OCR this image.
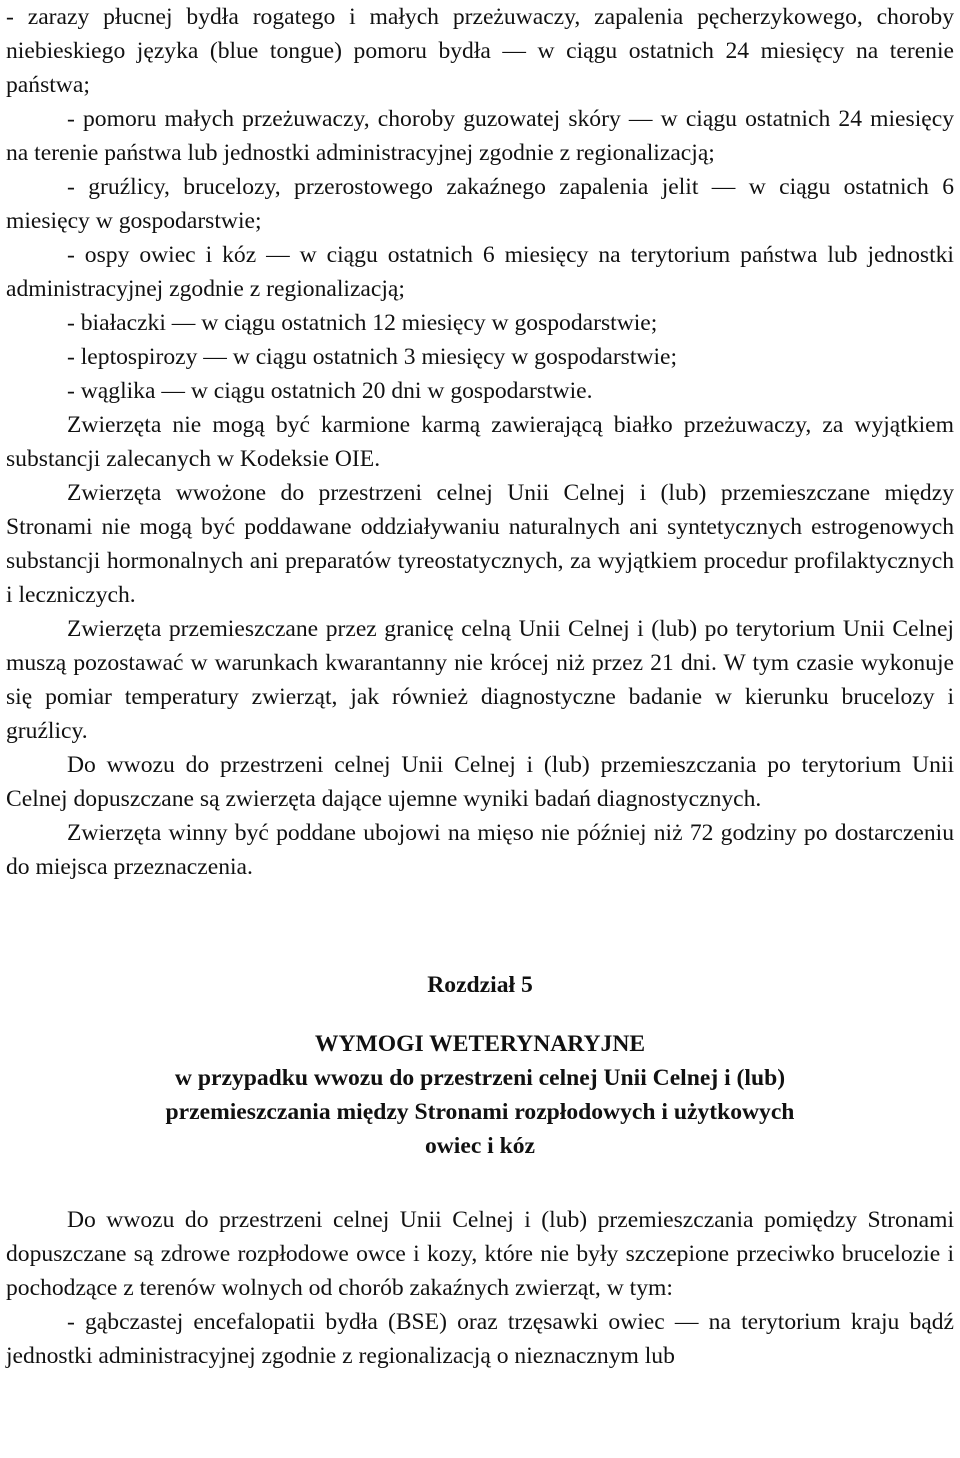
- zarazy płucnej bydła rogatego i małych przeżuwaczy, zapalenia pęcherzykowego, choroby niebieskiego języka (blue tongue) pomoru bydła — w ciągu ostatnich 24 miesięcy na terenie państwa;

- pomoru małych przeżuwaczy, choroby guzowatej skóry — w ciągu ostatnich 24 miesięcy na terenie państwa lub jednostki administracyjnej zgodnie z regionalizacją;

- gruźlicy, brucelozy, przerostowego zakaźnego zapalenia jelit — w ciągu ostatnich 6 miesięcy w gospodarstwie;

- ospy owiec i kóz — w ciągu ostatnich 6 miesięcy na terytorium państwa lub jednostki administracyjnej zgodnie z regionalizacją;

- białaczki — w ciągu ostatnich 12 miesięcy w gospodarstwie;

- leptospirozy — w ciągu ostatnich 3 miesięcy w gospodarstwie;

- wąglika — w ciągu ostatnich 20 dni w gospodarstwie.

Zwierzęta nie mogą być karmione karmą zawierającą białko przeżuwaczy, za wyjątkiem substancji zalecanych w Kodeksie OIE.

Zwierzęta wwożone do przestrzeni celnej Unii Celnej i (lub) przemieszczane między Stronami nie mogą być poddawane oddziaływaniu naturalnych ani syntetycznych estrogenowych substancji hormonalnych ani preparatów tyreostatycznych, za wyjątkiem procedur profilaktycznych i leczniczych.

Zwierzęta przemieszczane przez granicę celną Unii Celnej i (lub) po terytorium Unii Celnej muszą pozostawać w warunkach kwarantanny nie krócej niż przez 21 dni. W tym czasie wykonuje się pomiar temperatury zwierząt, jak również diagnostyczne badanie w kierunku brucelozy i gruźlicy.

Do wwozu do przestrzeni celnej Unii Celnej i (lub) przemieszczania po terytorium Unii Celnej dopuszczane są zwierzęta dające ujemne wyniki badań diagnostycznych.

Zwierzęta winny być poddane ubojowi na mięso nie później niż 72 godziny po dostarczeniu do miejsca przeznaczenia.

Rozdział 5

WYMOGI WETERYNARYJNE

w przypadku wwozu do przestrzeni celnej Unii Celnej i (lub)

przemieszczania między Stronami rozpłodowych i użytkowych

owiec i kóz

Do wwozu do przestrzeni celnej Unii Celnej i (lub) przemieszczania pomiędzy Stronami dopuszczane są zdrowe rozpłodowe owce i kozy, które nie były szczepione przeciwko brucelozie i pochodzące z terenów wolnych od chorób zakaźnych zwierząt, w tym:

- gąbczastej encefalopatii bydła (BSE) oraz trzęsawki owiec — na terytorium kraju bądź jednostki administracyjnej zgodnie z regionalizacją o nieznacznym lub
